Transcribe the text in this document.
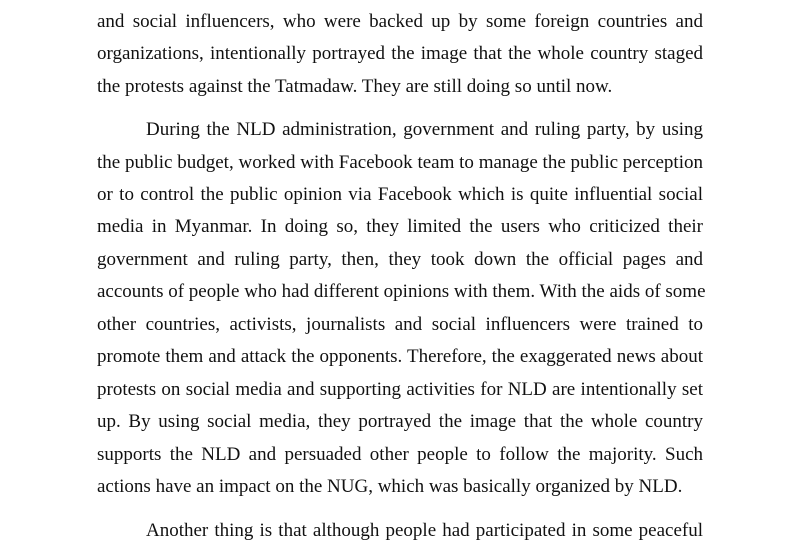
and social influencers, who were backed up by some foreign countries and
organizations, intentionally portrayed the image that the whole country staged
the protests against the Tatmadaw. They are still doing so until now.
During the NLD administration, government and ruling party, by using
the public budget, worked with Facebook team to manage the public perception
or to control the public opinion via Facebook which is quite influential social
media in Myanmar. In doing so, they limited the users who criticized their
government and ruling party, then, they took down the official pages and
accounts of people who had different opinions with them. With the aids of some
other countries, activists, journalists and social influencers were trained to
promote them and attack the opponents. Therefore, the exaggerated news about
protests on social media and supporting activities for NLD are intentionally set
up. By using social media, they portrayed the image that the whole country
supports the NLD and persuaded other people to follow the majority. Such
actions have an impact on the NUG, which was basically organized by NLD.
Another thing is that although people had participated in some peaceful
